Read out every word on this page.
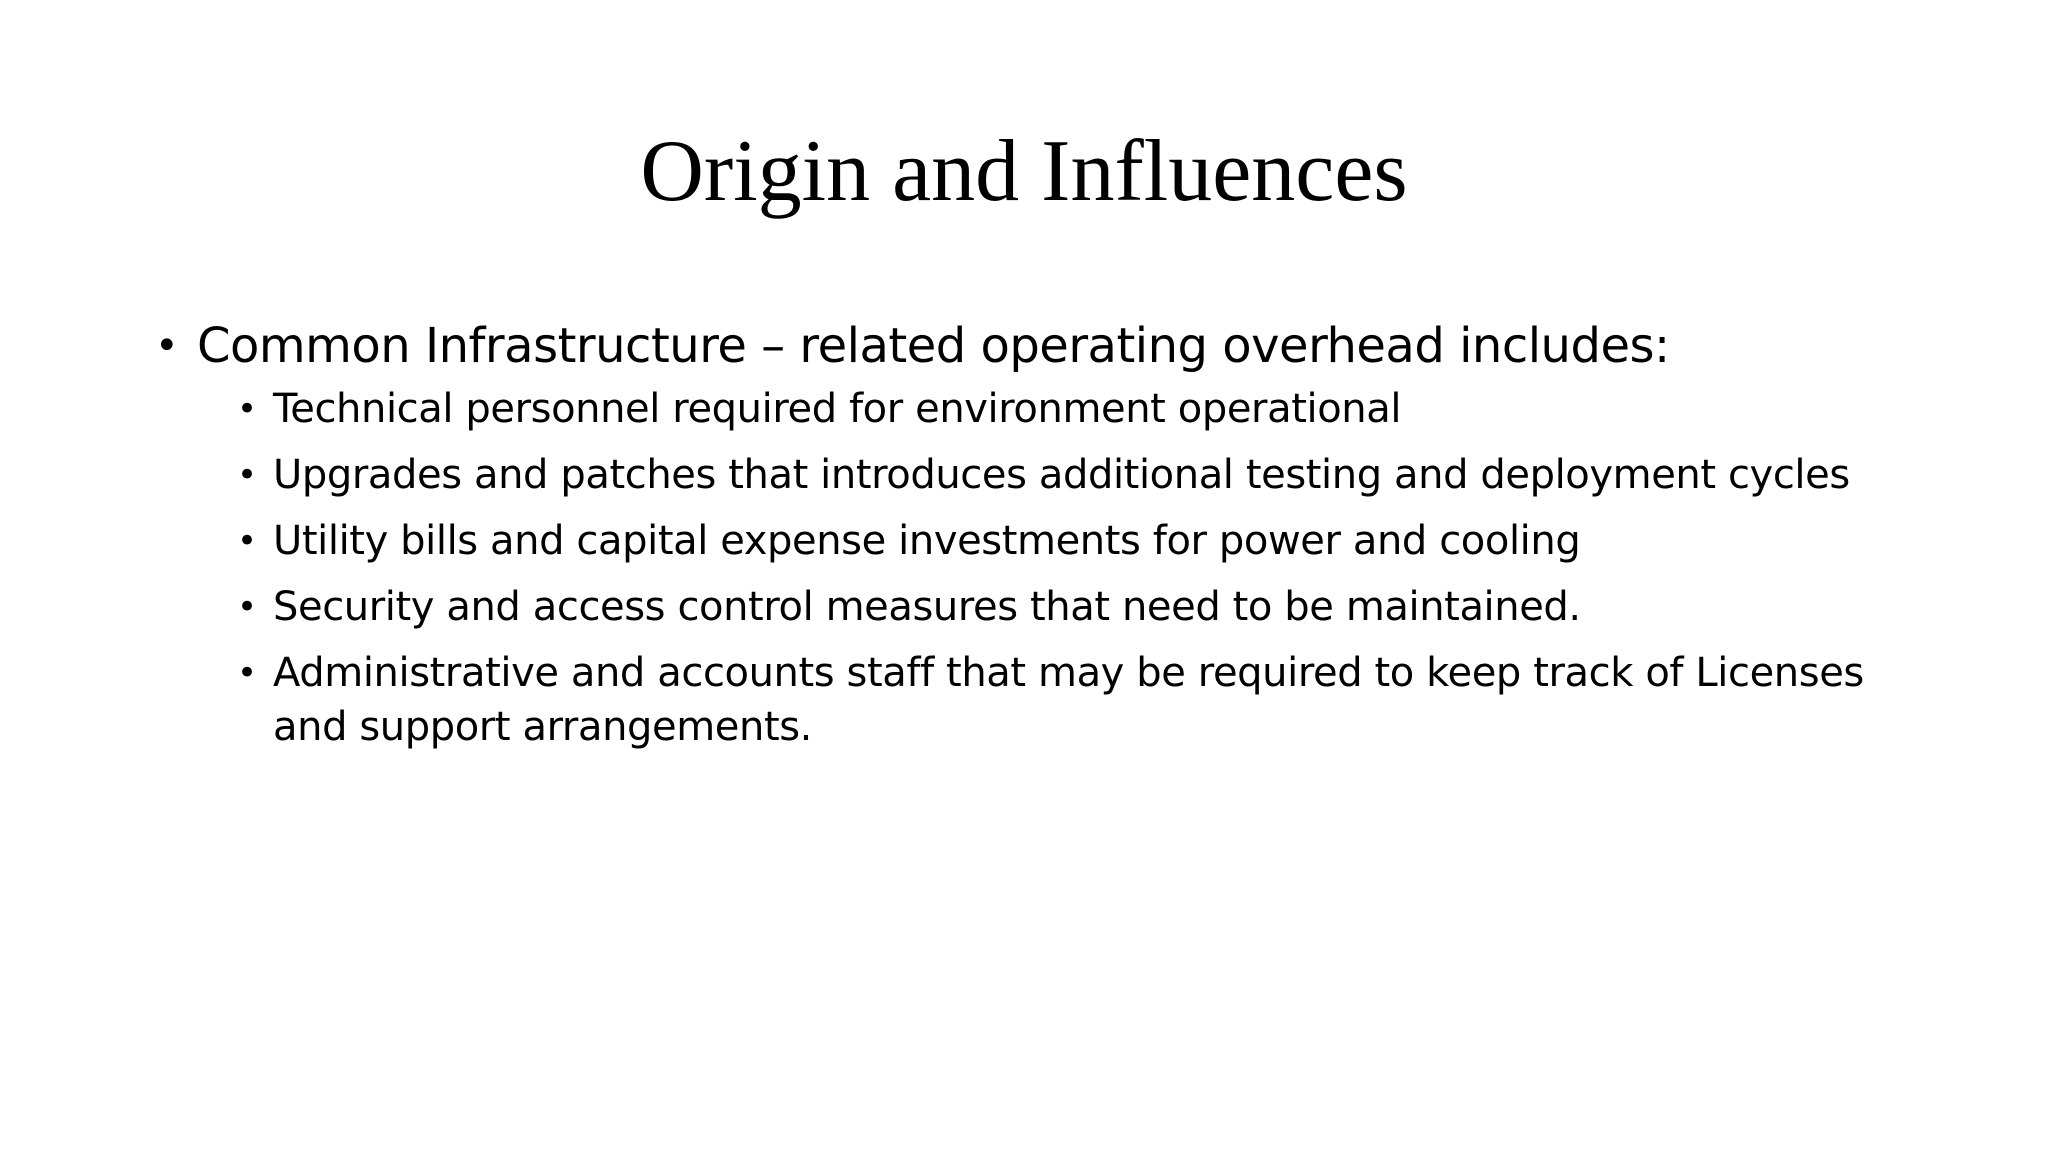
Origin and Influences
• Common Infrastructure – related operating overhead includes:
• Technical personnel required for environment operational
• Upgrades and patches that introduces additional testing and deployment cycles
• Utility bills and capital expense investments for power and cooling
• Security and access control measures that need to be maintained.
• Administrative and accounts staff that may be required to keep track of Licenses and support arrangements.
